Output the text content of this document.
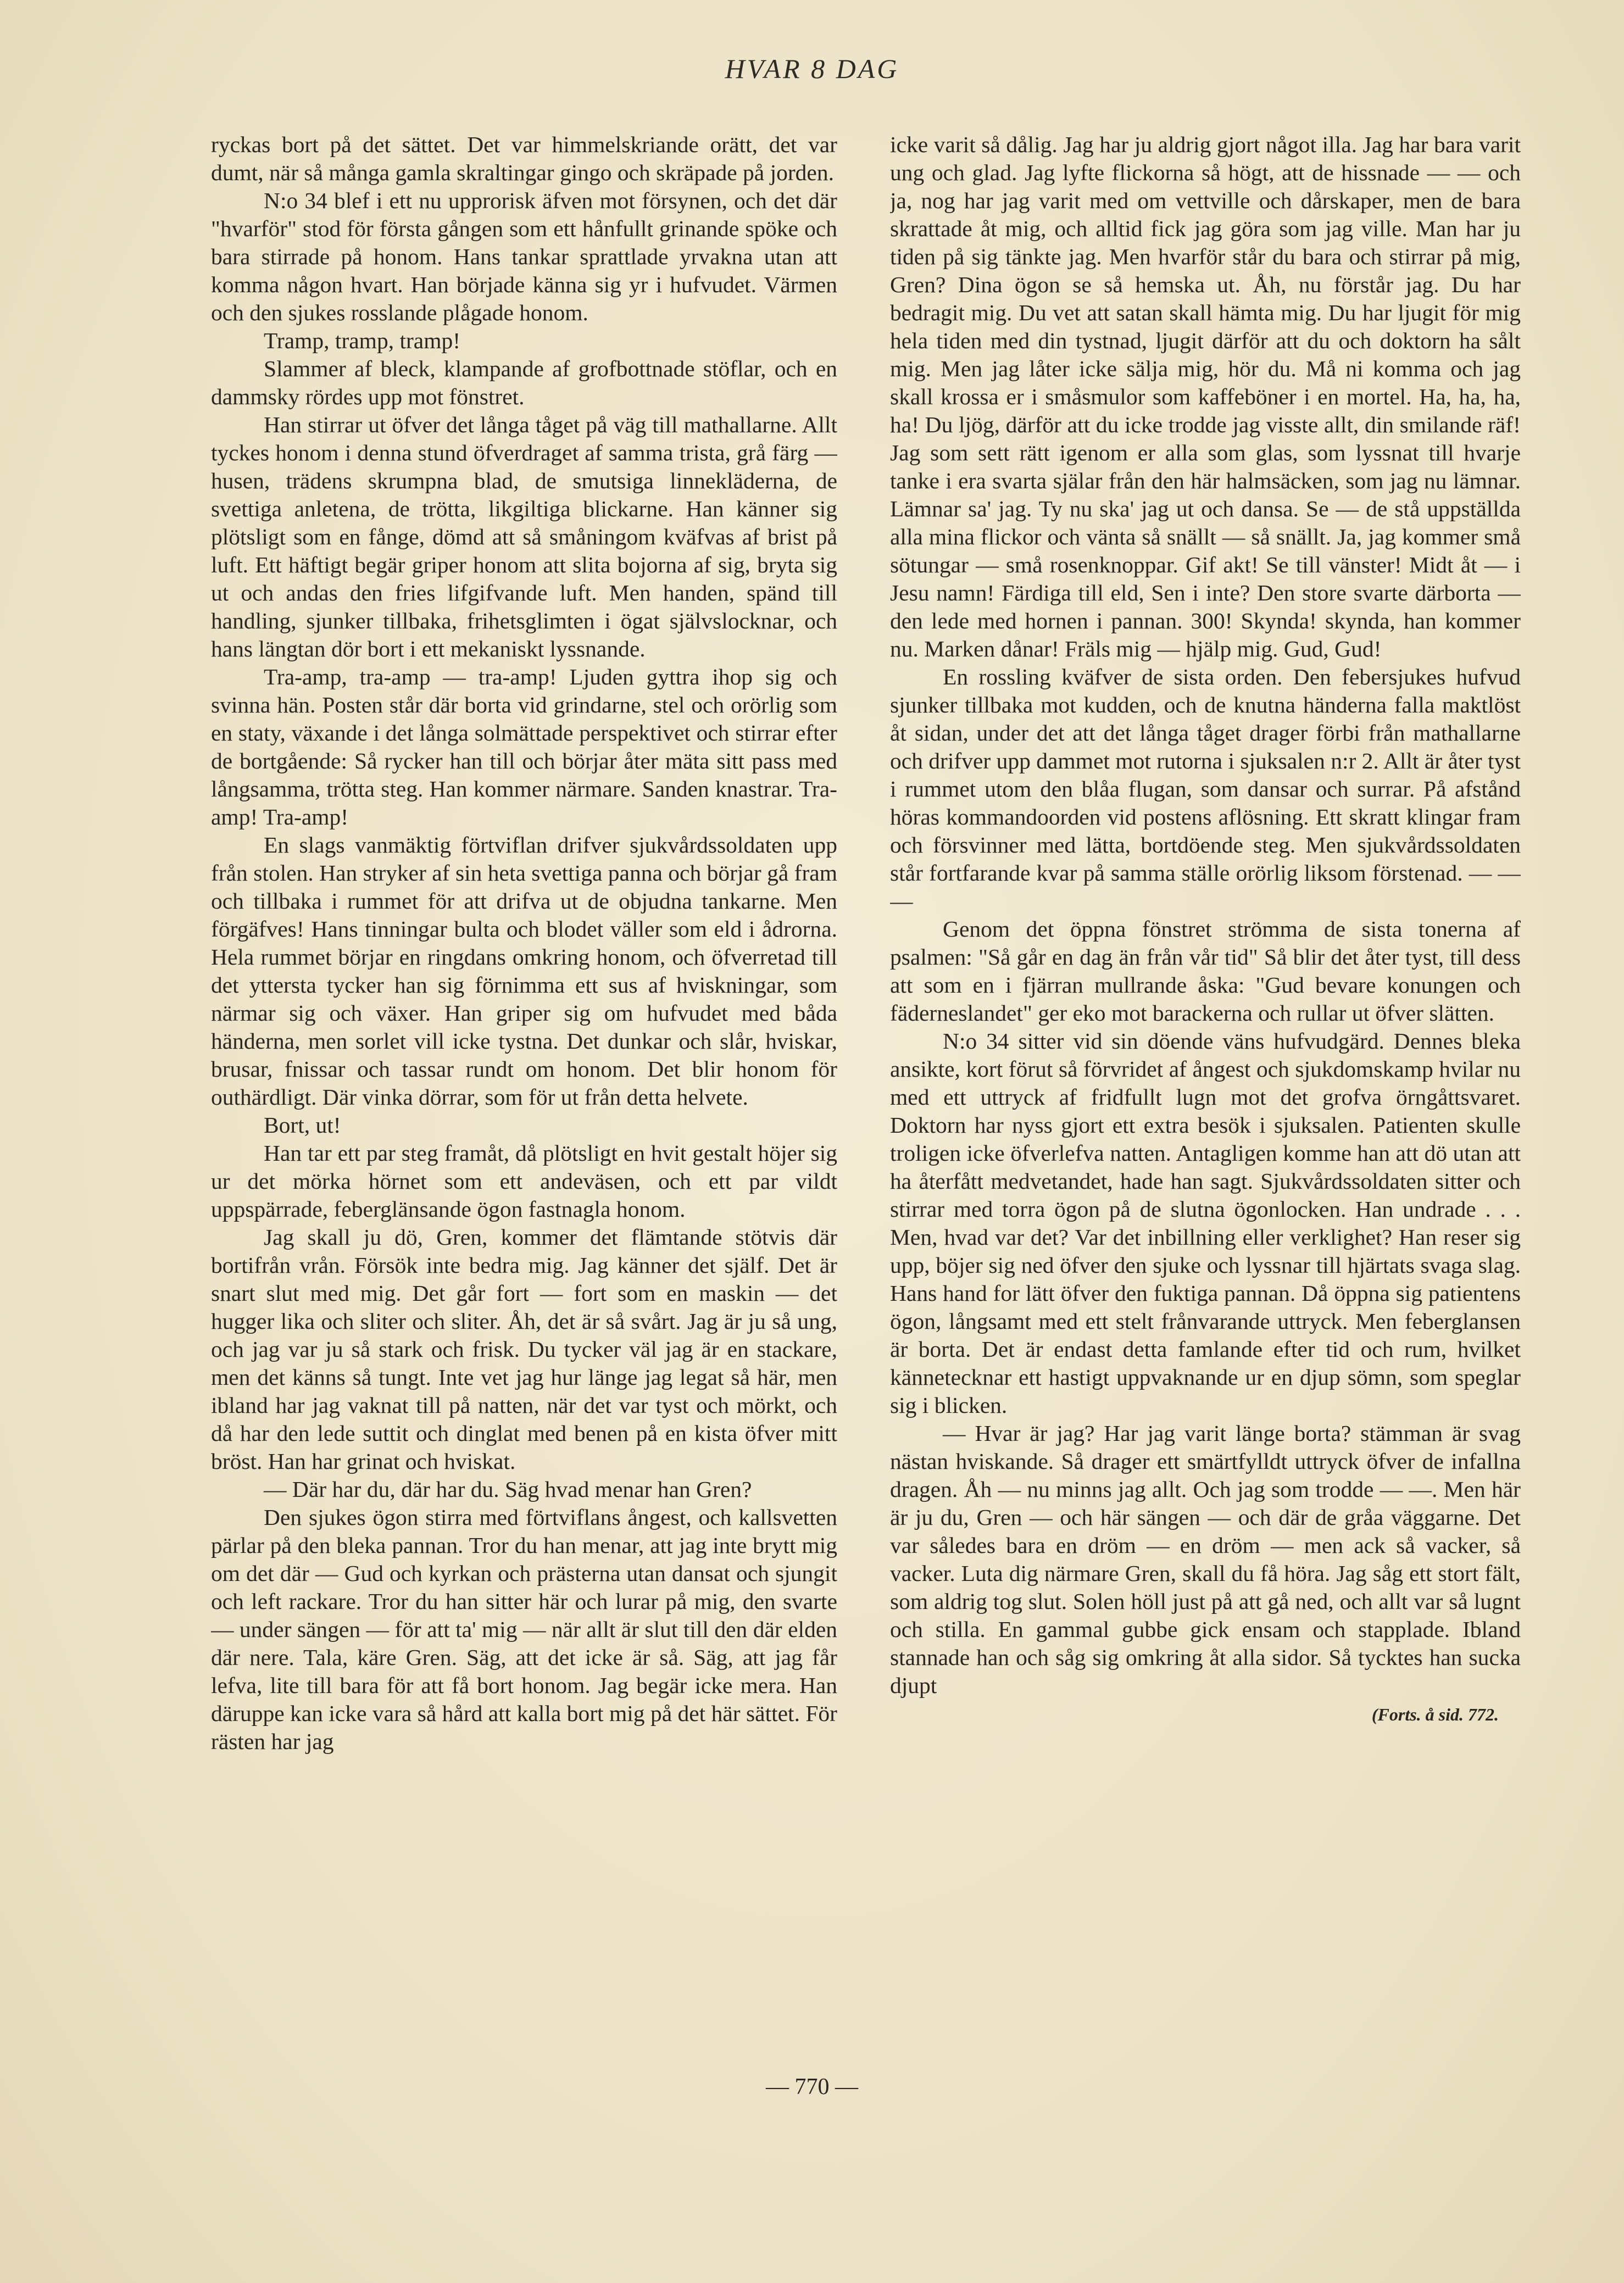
HVAR 8 DAG

ryckas bort på det sättet. Det var himmelskriande orätt, det var dumt, när så många gamla skraltingar gingo och skräpade på jorden.

N:o 34 blef i ett nu upprorisk äfven mot försynen, och det där "hvarför" stod för första gången som ett hånfullt grinande spöke och bara stirrade på honom. Hans tankar sprattlade yrvakna utan att komma någon hvart. Han började känna sig yr i hufvudet. Värmen och den sjukes rosslande plågade honom.

Tramp, tramp, tramp!

Slammer af bleck, klampande af grofbottnade stöflar, och en dammsky rördes upp mot fönstret.

Han stirrar ut öfver det långa tåget på väg till mathallarne. Allt tyckes honom i denna stund öfverdraget af samma trista, grå färg — husen, trädens skrumpna blad, de smutsiga linnekläderna, de svettiga anletena, de trötta, likgiltiga blickarne. Han känner sig plötsligt som en fånge, dömd att så småningom kväfvas af brist på luft. Ett häftigt begär griper honom att slita bojorna af sig, bryta sig ut och andas den fries lifgifvande luft. Men handen, spänd till handling, sjunker tillbaka, frihetsglimten i ögat självslocknar, och hans längtan dör bort i ett mekaniskt lyssnande.

Tra-amp, tra-amp — tra-amp! Ljuden gyttra ihop sig och svinna hän. Posten står där borta vid grindarne, stel och orörlig som en staty, växande i det långa solmättade perspektivet och stirrar efter de bortgående: Så rycker han till och börjar åter mäta sitt pass med långsamma, trötta steg. Han kommer närmare. Sanden knastrar. Tra-amp! Tra-amp!

En slags vanmäktig förtviflan drifver sjukvårdssoldaten upp från stolen. Han stryker af sin heta svettiga panna och börjar gå fram och tillbaka i rummet för att drifva ut de objudna tankarne. Men förgäfves! Hans tinningar bulta och blodet väller som eld i ådrorna. Hela rummet börjar en ringdans omkring honom, och öfverretad till det yttersta tycker han sig förnimma ett sus af hviskningar, som närmar sig och växer. Han griper sig om hufvudet med båda händerna, men sorlet vill icke tystna. Det dunkar och slår, hviskar, brusar, fnissar och tassar rundt om honom. Det blir honom för outhärdligt. Där vinka dörrar, som för ut från detta helvete.

Bort, ut!

Han tar ett par steg framåt, då plötsligt en hvit gestalt höjer sig ur det mörka hörnet som ett andeväsen, och ett par vildt uppspärrade, feberglänsande ögon fastnagla honom.

Jag skall ju dö, Gren, kommer det flämtande stötvis där bortifrån vrån. Försök inte bedra mig. Jag känner det själf. Det är snart slut med mig. Det går fort — fort som en maskin — det hugger lika och sliter och sliter. Åh, det är så svårt. Jag är ju så ung, och jag var ju så stark och frisk. Du tycker väl jag är en stackare, men det känns så tungt. Inte vet jag hur länge jag legat så här, men ibland har jag vaknat till på natten, när det var tyst och mörkt, och då har den lede suttit och dinglat med benen på en kista öfver mitt bröst. Han har grinat och hviskat.

— Där har du, där har du. Säg hvad menar han Gren?

Den sjukes ögon stirra med förtviflans ångest, och kallsvetten pärlar på den bleka pannan. Tror du han menar, att jag inte brytt mig om det där — Gud och kyrkan och prästerna utan dansat och sjungit och left rackare. Tror du han sitter här och lurar på mig, den svarte — under sängen — för att ta' mig — när allt är slut till den där elden där nere. Tala, käre Gren. Säg, att det icke är så. Säg, att jag får lefva, lite till bara för att få bort honom. Jag begär icke mera. Han däruppe kan icke vara så hård att kalla bort mig på det här sättet. För rästen har jag

icke varit så dålig. Jag har ju aldrig gjort något illa. Jag har bara varit ung och glad. Jag lyfte flickorna så högt, att de hissnade — — och ja, nog har jag varit med om vettville och dårskaper, men de bara skrattade åt mig, och alltid fick jag göra som jag ville. Man har ju tiden på sig tänkte jag. Men hvarför står du bara och stirrar på mig, Gren? Dina ögon se så hemska ut. Åh, nu förstår jag. Du har bedragit mig. Du vet att satan skall hämta mig. Du har ljugit för mig hela tiden med din tystnad, ljugit därför att du och doktorn ha sålt mig. Men jag låter icke sälja mig, hör du. Må ni komma och jag skall krossa er i småsmulor som kaffeböner i en mortel. Ha, ha, ha, ha! Du ljög, därför att du icke trodde jag visste allt, din smilande räf! Jag som sett rätt igenom er alla som glas, som lyssnat till hvarje tanke i era svarta själar från den här halmsäcken, som jag nu lämnar. Lämnar sa' jag. Ty nu ska' jag ut och dansa. Se — de stå uppställda alla mina flickor och vänta så snällt — så snällt. Ja, jag kommer små sötungar — små rosenknoppar. Gif akt! Se till vänster! Midt åt — i Jesu namn! Färdiga till eld, Sen i inte? Den store svarte därborta — den lede med hornen i pannan. 300! Skynda! skynda, han kommer nu. Marken dånar! Fräls mig — hjälp mig. Gud, Gud!

En rossling kväfver de sista orden. Den febersjukes hufvud sjunker tillbaka mot kudden, och de knutna händerna falla maktlöst åt sidan, under det att det långa tåget drager förbi från mathallarne och drifver upp dammet mot rutorna i sjuksalen n:r 2. Allt är åter tyst i rummet utom den blåa flugan, som dansar och surrar. På afstånd höras kommandoorden vid postens aflösning. Ett skratt klingar fram och försvinner med lätta, bortdöende steg. Men sjukvårdssoldaten står fortfarande kvar på samma ställe orörlig liksom förstenad. — — —

Genom det öppna fönstret strömma de sista tonerna af psalmen: "Så går en dag än från vår tid" Så blir det åter tyst, till dess att som en i fjärran mullrande åska: "Gud bevare konungen och fäderneslandet" ger eko mot barackerna och rullar ut öfver slätten.

N:o 34 sitter vid sin döende väns hufvudgärd. Dennes bleka ansikte, kort förut så förvridet af ångest och sjukdomskamp hvilar nu med ett uttryck af fridfullt lugn mot det grofva örngåttsvaret. Doktorn har nyss gjort ett extra besök i sjuksalen. Patienten skulle troligen icke öfverlefva natten. Antagligen komme han att dö utan att ha återfått medvetandet, hade han sagt. Sjukvårdssoldaten sitter och stirrar med torra ögon på de slutna ögonlocken. Han undrade . . . Men, hvad var det? Var det inbillning eller verklighet? Han reser sig upp, böjer sig ned öfver den sjuke och lyssnar till hjärtats svaga slag. Hans hand for lätt öfver den fuktiga pannan. Då öppna sig patientens ögon, långsamt med ett stelt frånvarande uttryck. Men feberglansen är borta. Det är endast detta famlande efter tid och rum, hvilket kännetecknar ett hastigt uppvaknande ur en djup sömn, som speglar sig i blicken.

— Hvar är jag? Har jag varit länge borta? stämman är svag nästan hviskande. Så drager ett smärtfylldt uttryck öfver de infallna dragen. Åh — nu minns jag allt. Och jag som trodde — —. Men här är ju du, Gren — och här sängen — och där de gråa väggarne. Det var således bara en dröm — en dröm — men ack så vacker, så vacker. Luta dig närmare Gren, skall du få höra. Jag såg ett stort fält, som aldrig tog slut. Solen höll just på att gå ned, och allt var så lugnt och stilla. En gammal gubbe gick ensam och stapplade. Ibland stannade han och såg sig omkring åt alla sidor. Så tycktes han sucka djupt

(Forts. å sid. 772.
— 770 —
